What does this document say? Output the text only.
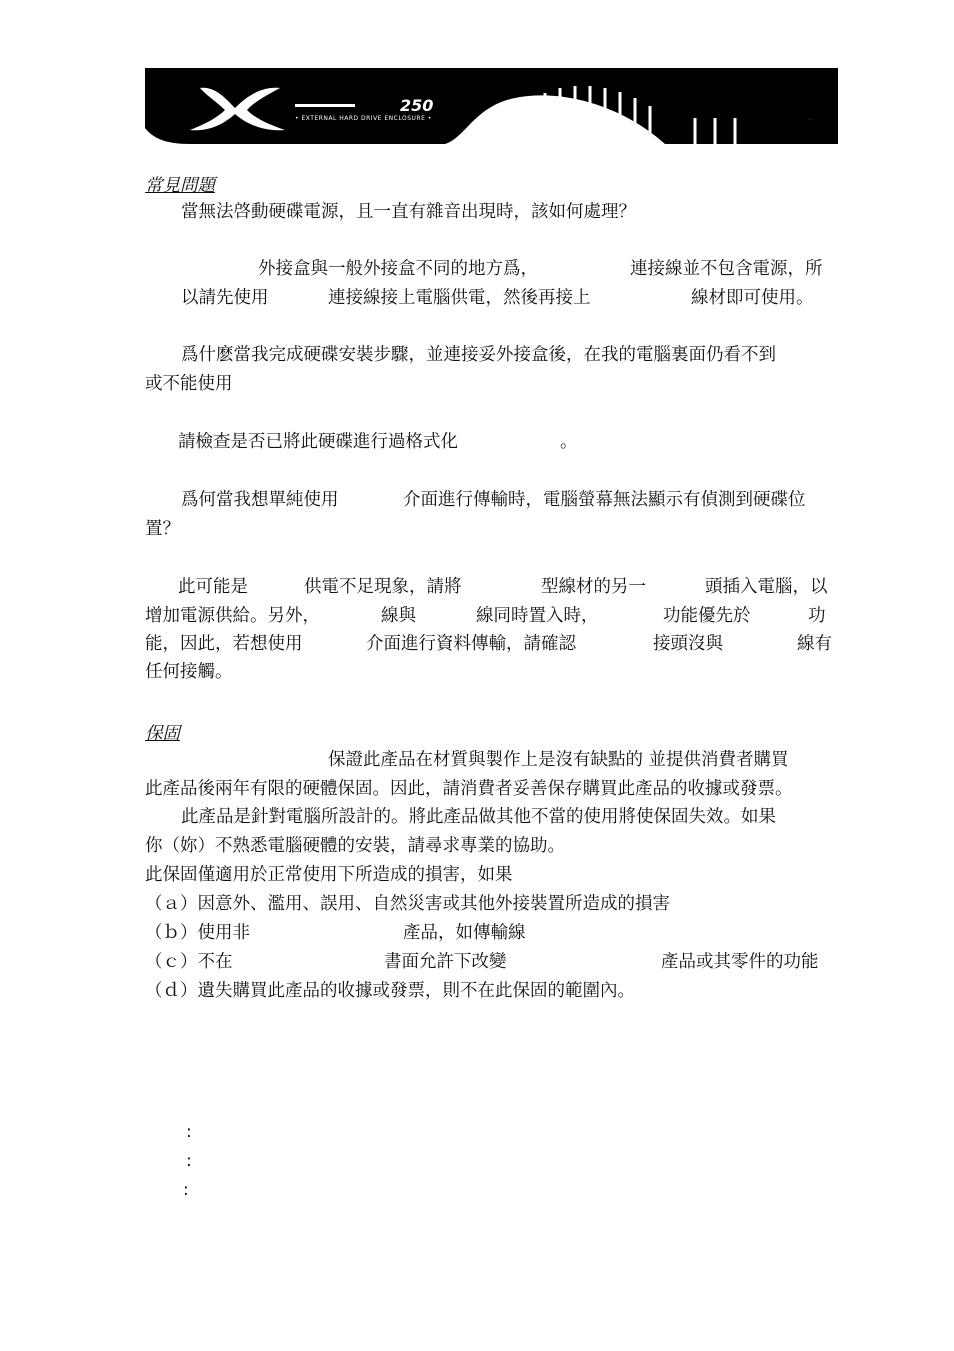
250
• EXTERNAL HARD DRIVE ENCLOSURE •	中文
常見問題
當無法啓動硬碟電源，且一直有雜音出現時，該如何處理？
外接盒與一般外接盒不同的地方爲，	連接線並不包含電源，所
以請先使用	連接線接上電腦供電，然後再接上	線材即可使用。
爲什麽當我完成硬碟安裝步驟，並連接妥外接盒後，在我的電腦裏面仍看不到
或不能使用
請檢查是否已將此硬碟進行過格式化	。
爲何當我想單純使用	介面進行傳輸時，電腦螢幕無法顯示有偵測到硬碟位
置？
此可能是	供電不足現象，請將	型線材的另一	頭插入電腦，以
增加電源供給。另外，	線與	線同時置入時，	功能優先於	功
能，因此，若想使用	介面進行資料傳輸，請確認	接頭沒與	線有
任何接觸。
保固
保證此產品在材質與製作上是沒有缺點的 並提供消費者購買
此產品後兩年有限的硬體保固。因此，請消費者妥善保存購買此產品的收據或發票。
此產品是針對電腦所設計的。將此產品做其他不當的使用將使保固失效。如果
你（妳）不熟悉電腦硬體的安裝，請尋求專業的協助。
此保固僅適用於正常使用下所造成的損害，如果
（ａ）因意外、濫用、誤用、自然災害或其他外接裝置所造成的損害
（ｂ）使用非	產品，如傳輸線
（ｃ）不在	書面允許下改變	產品或其零件的功能
（ｄ）遺失購買此產品的收據或發票，則不在此保固的範圍內。
:
:
:
